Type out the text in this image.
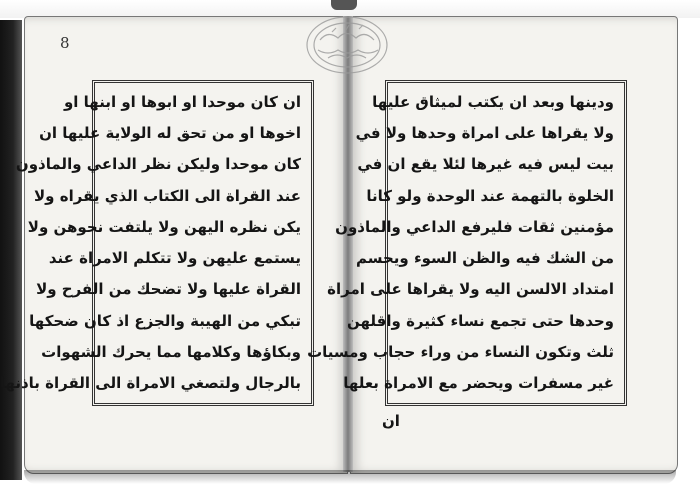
8
ان كان موحدا او ابوها او ابنها او
اخوها او من تحق له الولاية عليها ان
كان موحدا وليكن نظر الداعي والماذون
عند القراة الى الكتاب الذي يقراه ولا
يكن نظره اليهن ولا يلتفت نحوهن ولا
يستمع عليهن ولا تتكلم الامراة عند
القراة عليها ولا تضحك من الفرح ولا
تبكي من الهيبة والجزع اذ كان ضحكها
وبكاؤها وكلامها مما يحرك الشهوات
بالرجال ولتصغي الامراة الى القراة باذنها
ودينها وبعد ان يكتب لميثاق عليها
ولا يقراها على امراة وحدها ولا في
بيت ليس فيه غيرها لئلا يقع ان في
الخلوة بالتهمة عند الوحدة ولو كانا
مؤمنين ثقات فليرفع الداعي والماذون
من الشك فيه والظن السوء ويحسم
امتداد الالسن اليه ولا يقراها على امراة
وحدها حتى تجمع نساء كثيرة واقلهن
ثلث وتكون النساء من وراء حجاب ومسيات
غير مسفرات ويحضر مع الامراة بعلها
ان
